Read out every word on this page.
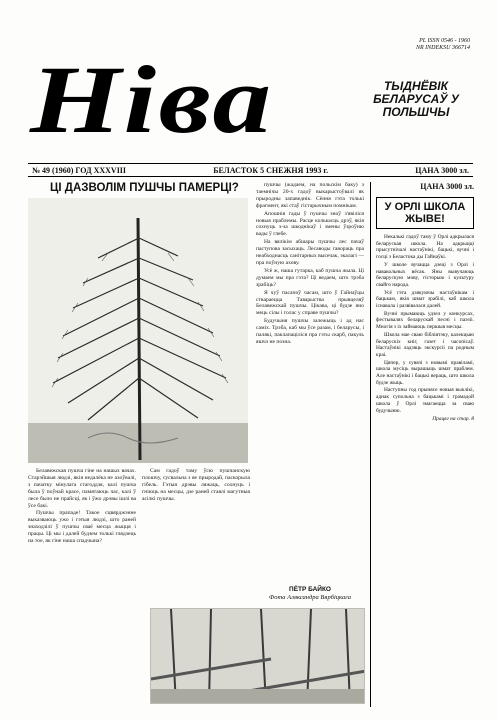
PL ISSN 0546 - 1960
NR INDEKSU 366714
Ніва	ТЫДНЁВІК БЕЛАРУСАЎ У ПОЛЬШЧЫ
№ 49 (1960) ГОД XXXVIII	БЕЛАСТОК 5 СНЕЖНЯ 1993 г.	ЦАНА 3000 зл.
ЦІ ДАЗВОЛІМ ПУШЧЫ ПАМЕРЦІ?

Белавежская пушча гіне на нашых вачах. Старэйшыя людзі, якія недалёка не ахоўвалі, з пачатку мінулага стагоддзя, калі пушча была ў поўнай красе, памятаюць час, калі ў лесе было не прайсці, як і ўжо дрэвы ішлі ва ўсе бакі.

Пушчы прападе! Такое сцвярджэнне выказваюць ужо і гэтыя людзі, што раней знаходзілі ў пушчы сваё месца жыцця і працы. Ці мы і далей будзем толькі глядзець на тое, як гіне наша спадчына?

Сам гадоў таму ўсю пушчанскую плошчу, сусвальна з яе прыродай, паскорыла гібель. Гэтыя дрэвы ляжаць, сохнуць і гніюць на месцы, дзе раней стаялі магутныя асілкі пушчы.

пушчы (жадаем, на польскім баку) з таемнічы 20-х гадоў выкарыстоўвалі як прыродны запаведнік. Сёння гэта толькі фрагмент, які стаў гістарычным помнікам.

Апошнія гады ў пушчы зноў з'явіліся новыя праблемы. Расце колькасць дрэў, якія сохнуць з-за шкоднікаў і змены ўзроўню вады ў глебе.

На вялікім абшары пушчы лес пачаў паступова засыхаць. Лесаводы гавораць пра неабходнасць санітарных высечак, экалагі — пра поўную ахову.

Усё ж, наша гутарка, каб пушча жыла. Ці думаем мы пра гэта? Ці ведаем, што трэба зрабіць?

Я чуў пасапоў часам, што ў Гайнаўцы ствараецца Таварыства прыяцеляў Белавежскай пушчы. Цікава, ці будзе яно мець сілы і голас у справе пушчы?

Будучыня пушчы залежыць і ад нас саміх. Трэба, каб мы ўсе разам, і беларусы, і палякі, паклапаціліся пра гэты скарб, пакуль яшчэ не позна.

ПЁТР БАЙКО
Фота Аляксандра Вярбіцкага
ЦАНА 3000 зл.
У ОРЛІ ШКОЛА ЖЫВЕ!

Некалькі гадоў таму ў Орлі адкрылася беларуская школа. На адкрыцці прысутнічалі настаўнікі, бацькі, вучні і госці з Беластока ды Гайнаўкі.

У школе вучацца дзеці з Орлі і навакольных вёсак. Яны вывучаюць беларускую мову, гісторыю і культуру свайго народа.

Усё гэта дзякуючы настаўнікам і бацькам, якія шмат зрабілі, каб школа існавала і развівалася далей.

Вучні прымаюць удзел у конкурсах, фестывалях беларускай песні і паэзіі. Многія з іх займаюць першыя месцы.

Школа мае сваю бібліятэку, калекцыю беларускіх кніг, газет і часопісаў. Настаўнікі ладзяць экскурсіі па родным краі.

Цяпер, у сувязі з новымі правіламі, школа мусіць вырашыць шмат праблем. Але настаўнікі і бацькі вераць, што школа будзе жыць.

Наступны год прынясе новыя выклікі, аднак супольна з бацькамі і грамадой школа ў Орлі змагаецца за сваю будучыню.

Працяг на стар. 8
